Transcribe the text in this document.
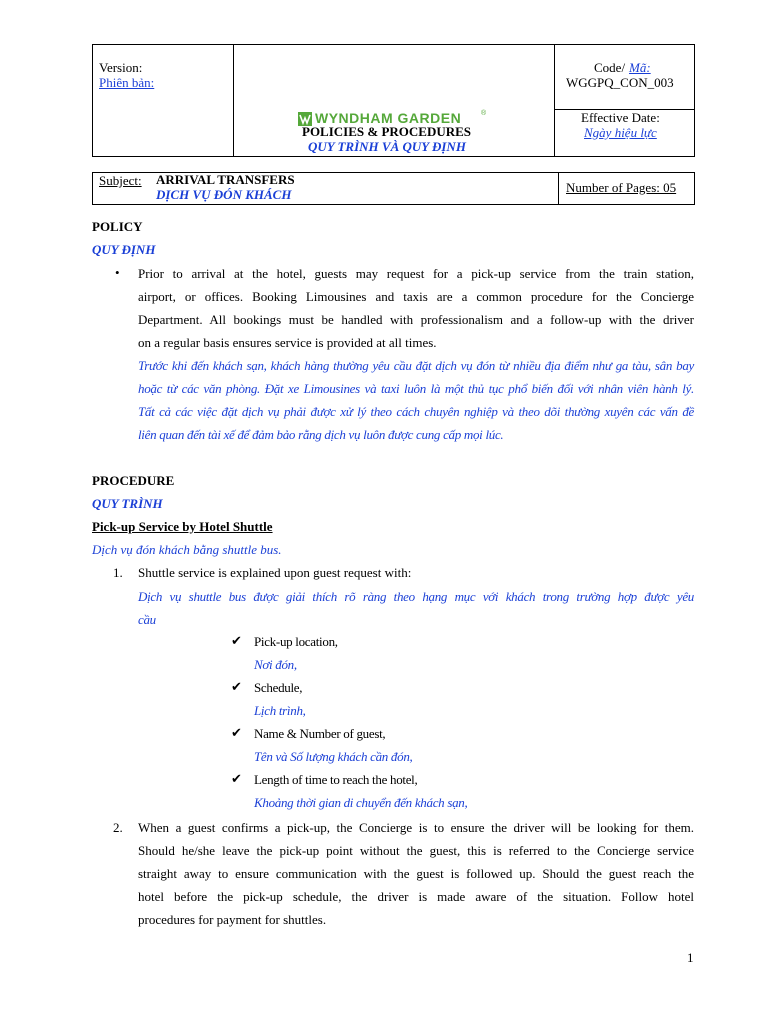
Version:
Phiên bản:
WYNDHAM GARDEN	®
POLICIES & PROCEDURES
QUY TRÌNH VÀ QUY ĐỊNH
Code/ Mã:
WGGPQ_CON_003
Effective Date:
Ngày hiệu lực
Subject: ARRIVAL TRANSFERS
DỊCH VỤ ĐÓN KHÁCH	Number of Pages: 05
POLICY
QUY ĐỊNH
• Prior to arrival at the hotel, guests may request for a pick-up service from the train station,
airport, or offices. Booking Limousines and taxis are a common procedure for the Concierge
Department. All bookings must be handled with professionalism and a follow-up with the driver
on a regular basis ensures service is provided at all times.
Trước khi đến khách sạn, khách hàng thường yêu cầu đặt dịch vụ đón từ nhiều địa điểm như ga tàu, sân bay
hoặc từ các văn phòng. Đặt xe Limousines và taxi luôn là một thủ tục phổ biến đối với nhân viên hành lý.
Tất cả các việc đặt dịch vụ phải được xử lý theo cách chuyên nghiệp và theo dõi thường xuyên các vấn đề
liên quan đến tài xế để đảm bảo rằng dịch vụ luôn được cung cấp mọi lúc.
PROCEDURE
QUY TRÌNH
Pick-up Service by Hotel Shuttle
Dịch vụ đón khách bằng shuttle bus.
1. Shuttle service is explained upon guest request with:
Dịch vụ shuttle bus được giải thích rõ ràng theo hạng mục với khách trong trường hợp được yêu
cầu
✔ Pick-up location,
Nơi đón,
✔ Schedule,
Lịch trình,
✔ Name & Number of guest,
Tên và Số lượng khách cần đón,
✔ Length of time to reach the hotel,
Khoảng thời gian di chuyển đến khách sạn,
2. When a guest confirms a pick-up, the Concierge is to ensure the driver will be looking for them.
Should he/she leave the pick-up point without the guest, this is referred to the Concierge service
straight away to ensure communication with the guest is followed up. Should the guest reach the
hotel before the pick-up schedule, the driver is made aware of the situation. Follow hotel
procedures for payment for shuttles.
1
